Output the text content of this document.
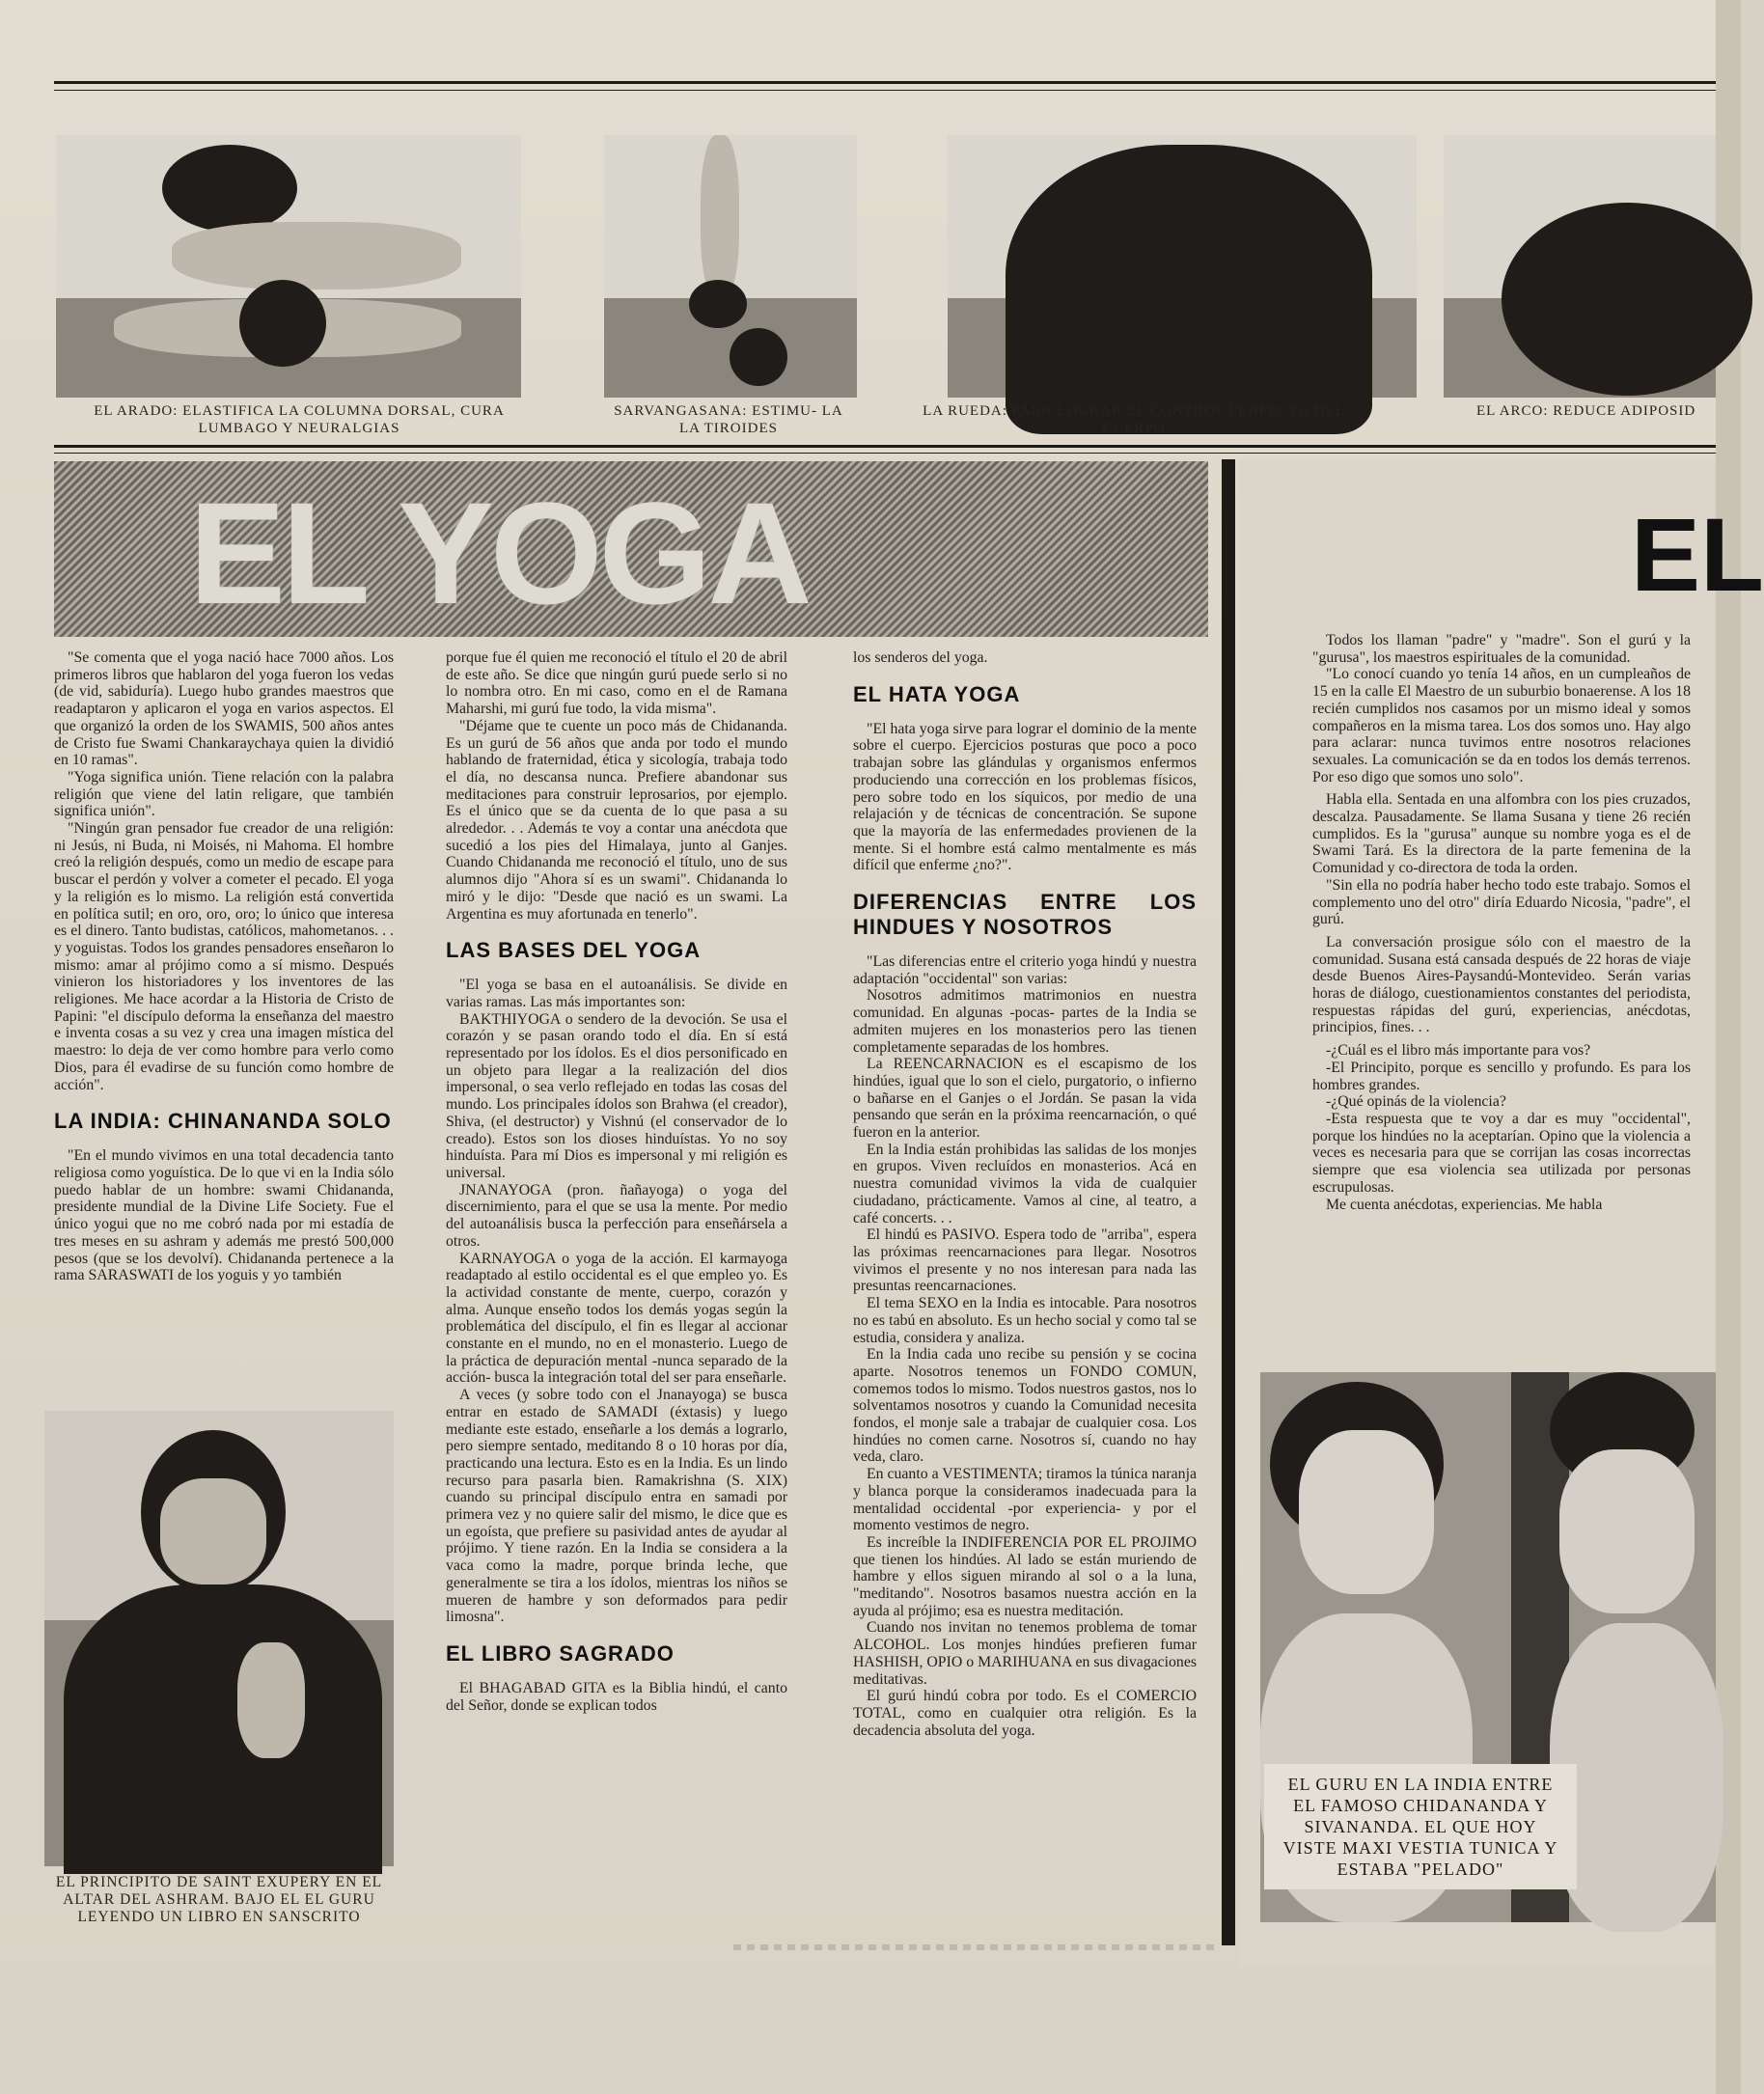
EL ARADO: ELASTIFICA LA COLUMNA DORSAL, CURA LUMBAGO Y NEURALGIAS
SARVANGASANA: ESTIMU- LA LA TIROIDES
LA RUEDA: PARA LOGRAR EL CONTROL PERFECTO DEL CUERPO
EL ARCO: REDUCE ADIPOSID
EL YOGA	EL

"Se comenta que el yoga nació hace 7000 años. Los primeros libros que hablaron del yoga fueron los vedas (de vid, sabiduría). Luego hubo grandes maestros que readaptaron y aplicaron el yoga en varios aspectos. El que organizó la orden de los SWAMIS, 500 años antes de Cristo fue Swami Chankaraychaya quien la dividió en 10 ramas".

"Yoga significa unión. Tiene relación con la palabra religión que viene del latin religare, que también significa unión".

"Ningún gran pensador fue creador de una religión: ni Jesús, ni Buda, ni Moisés, ni Mahoma. El hombre creó la religión después, como un medio de escape para buscar el perdón y volver a cometer el pecado. El yoga y la religión es lo mismo. La religión está convertida en política sutil; en oro, oro, oro; lo único que interesa es el dinero. Tanto budistas, católicos, mahometanos. . . y yoguistas. Todos los grandes pensadores enseñaron lo mismo: amar al prójimo como a sí mismo. Después vinieron los historiadores y los inventores de las religiones. Me hace acordar a la Historia de Cristo de Papini: "el discípulo deforma la enseñanza del maestro e inventa cosas a su vez y crea una imagen mística del maestro: lo deja de ver como hombre para verlo como Dios, para él evadirse de su función como hombre de acción".

LA INDIA: CHINANANDA SOLO

"En el mundo vivimos en una total decadencia tanto religiosa como yoguística. De lo que vi en la India sólo puedo hablar de un hombre: swami Chidananda, presidente mundial de la Divine Life Society. Fue el único yogui que no me cobró nada por mi estadía de tres meses en su ashram y además me prestó 500,000 pesos (que se los devolví). Chidananda pertenece a la rama SARASWATI de los yoguis y yo también

EL PRINCIPITO DE SAINT EXUPERY EN EL ALTAR DEL ASHRAM. BAJO EL EL GURU LEYENDO UN LIBRO EN SANSCRITO

porque fue él quien me reconoció el título el 20 de abril de este año. Se dice que ningún gurú puede serlo si no lo nombra otro. En mi caso, como en el de Ramana Maharshi, mi gurú fue todo, la vida misma".

"Déjame que te cuente un poco más de Chidananda. Es un gurú de 56 años que anda por todo el mundo hablando de fraternidad, ética y sicología, trabaja todo el día, no descansa nunca. Prefiere abandonar sus meditaciones para construir leprosarios, por ejemplo. Es el único que se da cuenta de lo que pasa a su alrededor. . . Además te voy a contar una anécdota que sucedió a los pies del Himalaya, junto al Ganjes. Cuando Chidananda me reconoció el título, uno de sus alumnos dijo "Ahora sí es un swami". Chidananda lo miró y le dijo: "Desde que nació es un swami. La Argentina es muy afortunada en tenerlo".

LAS BASES DEL YOGA

"El yoga se basa en el autoanálisis. Se divide en varias ramas. Las más importantes son:

BAKTHIYOGA o sendero de la devoción. Se usa el corazón y se pasan orando todo el día. En sí está representado por los ídolos. Es el dios personificado en un objeto para llegar a la realización del dios impersonal, o sea verlo reflejado en todas las cosas del mundo. Los principales ídolos son Brahwa (el creador), Shiva, (el destructor) y Vishnú (el conservador de lo creado). Estos son los dioses hinduístas. Yo no soy hinduísta. Para mí Dios es impersonal y mi religión es universal.

JNANAYOGA (pron. ñañayoga) o yoga del discernimiento, para el que se usa la mente. Por medio del autoanálisis busca la perfección para enseñársela a otros.

KARNAYOGA o yoga de la acción. El karmayoga readaptado al estilo occidental es el que empleo yo. Es la actividad constante de mente, cuerpo, corazón y alma. Aunque enseño todos los demás yogas según la problemática del discípulo, el fin es llegar al accionar constante en el mundo, no en el monasterio. Luego de la práctica de depuración mental -nunca separado de la acción- busca la integración total del ser para enseñarle.

A veces (y sobre todo con el Jnanayoga) se busca entrar en estado de SAMADI (éxtasis) y luego mediante este estado, enseñarle a los demás a lograrlo, pero siempre sentado, meditando 8 o 10 horas por día, practicando una lectura. Esto es en la India. Es un lindo recurso para pasarla bien. Ramakrishna (S. XIX) cuando su principal discípulo entra en samadi por primera vez y no quiere salir del mismo, le dice que es un egoísta, que prefiere su pasividad antes de ayudar al prójimo. Y tiene razón. En la India se considera a la vaca como la madre, porque brinda leche, que generalmente se tira a los ídolos, mientras los niños se mueren de hambre y son deformados para pedir limosna".

EL LIBRO SAGRADO

El BHAGABAD GITA es la Biblia hindú, el canto del Señor, donde se explican todos

los senderos del yoga.

EL HATA YOGA

"El hata yoga sirve para lograr el dominio de la mente sobre el cuerpo. Ejercicios posturas que poco a poco trabajan sobre las glándulas y organismos enfermos produciendo una corrección en los problemas físicos, pero sobre todo en los síquicos, por medio de una relajación y de técnicas de concentración. Se supone que la mayoría de las enfermedades provienen de la mente. Si el hombre está calmo mentalmente es más difícil que enferme ¿no?".

DIFERENCIAS ENTRE LOS HINDUES Y NOSOTROS

"Las diferencias entre el criterio yoga hindú y nuestra adaptación "occidental" son varias:

Nosotros admitimos matrimonios en nuestra comunidad. En algunas -pocas- partes de la India se admiten mujeres en los monasterios pero las tienen completamente separadas de los hombres.

La REENCARNACION es el escapismo de los hindúes, igual que lo son el cielo, purgatorio, o infierno o bañarse en el Ganjes o el Jordán. Se pasan la vida pensando que serán en la próxima reencarnación, o qué fueron en la anterior.

En la India están prohibidas las salidas de los monjes en grupos. Viven recluídos en monasterios. Acá en nuestra comunidad vivimos la vida de cualquier ciudadano, prácticamente. Vamos al cine, al teatro, a café concerts. . .

El hindú es PASIVO. Espera todo de "arriba", espera las próximas reencarnaciones para llegar. Nosotros vivimos el presente y no nos interesan para nada las presuntas reencarnaciones.

El tema SEXO en la India es intocable. Para nosotros no es tabú en absoluto. Es un hecho social y como tal se estudia, considera y analiza.

En la India cada uno recibe su pensión y se cocina aparte. Nosotros tenemos un FONDO COMUN, comemos todos lo mismo. Todos nuestros gastos, nos lo solventamos nosotros y cuando la Comunidad necesita fondos, el monje sale a trabajar de cualquier cosa. Los hindúes no comen carne. Nosotros sí, cuando no hay veda, claro.

En cuanto a VESTIMENTA; tiramos la túnica naranja y blanca porque la consideramos inadecuada para la mentalidad occidental -por experiencia- y por el momento vestimos de negro.

Es increíble la INDIFERENCIA POR EL PROJIMO que tienen los hindúes. Al lado se están muriendo de hambre y ellos siguen mirando al sol o a la luna, "meditando". Nosotros basamos nuestra acción en la ayuda al prójimo; esa es nuestra meditación.

Cuando nos invitan no tenemos problema de tomar ALCOHOL. Los monjes hindúes prefieren fumar HASHISH, OPIO o MARIHUANA en sus divagaciones meditativas.

El gurú hindú cobra por todo. Es el COMERCIO TOTAL, como en cualquier otra religión. Es la decadencia absoluta del yoga.

Todos los llaman "padre" y "madre". Son el gurú y la "gurusa", los maestros espirituales de la comunidad.

"Lo conocí cuando yo tenía 14 años, en un cumpleaños de 15 en la calle El Maestro de un suburbio bonaerense. A los 18 recién cumplidos nos casamos por un mismo ideal y somos compañeros en la misma tarea. Los dos somos uno. Hay algo para aclarar: nunca tuvimos entre nosotros relaciones sexuales. La comunicación se da en todos los demás terrenos. Por eso digo que somos uno solo".

Habla ella. Sentada en una alfombra con los pies cruzados, descalza. Pausadamente. Se llama Susana y tiene 26 recién cumplidos. Es la "gurusa" aunque su nombre yoga es el de Swami Tará. Es la directora de la parte femenina de la Comunidad y co-directora de toda la orden.

"Sin ella no podría haber hecho todo este trabajo. Somos el complemento uno del otro" diría Eduardo Nicosia, "padre", el gurú.

La conversación prosigue sólo con el maestro de la comunidad. Susana está cansada después de 22 horas de viaje desde Buenos Aires-Paysandú-Montevideo. Serán varias horas de diálogo, cuestionamientos constantes del periodista, respuestas rápidas del gurú, experiencias, anécdotas, principios, fines. . .

-¿Cuál es el libro más importante para vos?

-El Principito, porque es sencillo y profundo. Es para los hombres grandes.

-¿Qué opinás de la violencia?

-Esta respuesta que te voy a dar es muy "occidental", porque los hindúes no la aceptarían. Opino que la violencia a veces es necesaria para que se corrijan las cosas incorrectas siempre que esa violencia sea utilizada por personas escrupulosas.

Me cuenta anécdotas, experiencias. Me habla

EL GURU EN LA INDIA ENTRE EL FAMOSO CHIDANANDA Y SIVANANDA. EL QUE HOY VISTE MAXI VESTIA TUNICA Y ESTABA "PELADO"
